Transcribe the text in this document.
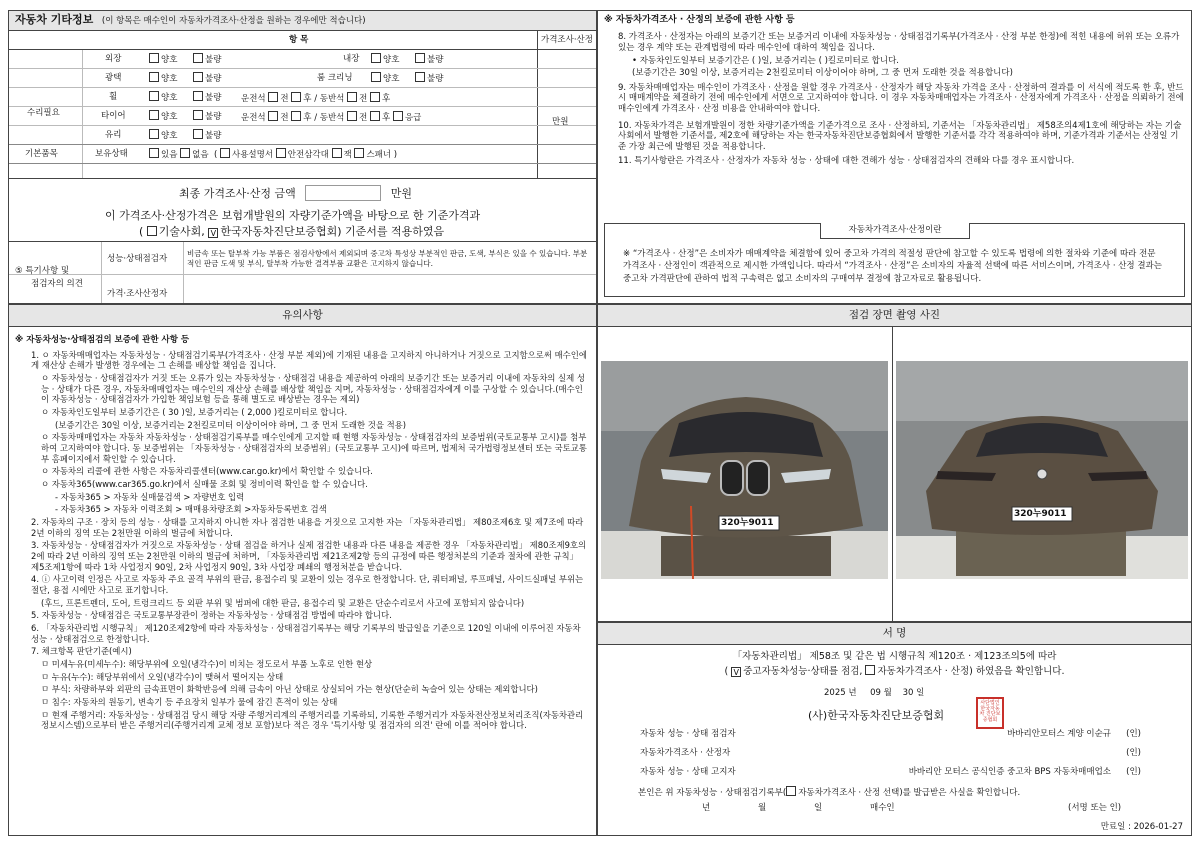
자동차 기타정보 (이 항목은 매수인이 자동차가격조사·산정을 원하는 경우에만 적습니다)
항 목	가격조사·산정
수리필요
만원
외장	양호	불량	내장	양호	불량
광택	양호	불량	룸 크리닝	양호	불량
휠	양호	불량 운전석 전 후 / 동반석 전 후
타이어	양호	불량 운전석 전 후 / 동반석 전 후 응급
유리	양호	불량
기본품목	보유상태	있음 없음  ( 사용설명서 안전삼각대 잭 스패너 )
최종 가격조사·산정 금액	만원
이 가격조사·산정가격은 보험개발원의 자량기준가액을 바탕으로 한 기준가격과
( 기술사회, V 한국자동차진단보증협회) 기준서를 적용하였음
⑤ 특기사항 및
점검자의 의견
성능·상태점검자
비금속 또는 탈부착 가능 부품은 점검사항에서 제외되며 중고차 특성상 부분적인 판금, 도색, 부식은 있을 수 있습니다. 부분적인 판금 도색 및 부식, 탈부착 가능한 결격부품 교환은 고지하지 않습니다.
가격·조사산정자
※ 자동차가격조사 · 산정의 보증에 관한 사항 등
8. 가격조사 · 산정자는 아래의 보증기간 또는 보증거리 이내에 자동차성능 · 상태점검기록부(가격조사 · 산정 부분 한정)에 적힌 내용에 허위 또는 오류가 있는 경우 계약 또는 관계법령에 따라 매수인에 대하여 책임을 집니다.
• 자동차인도일부터 보증기간은 ( )일, 보증거리는 ( )킬로미터로 합니다.
(보증기간은 30일 이상, 보증거리는 2천킬로미터 이상이어야 하며, 그 중 먼저 도래한 것을 적용합니다)
9. 자동차매매업자는 매수인이 가격조사 · 산정을 원할 경우 가격조사 · 산정자가 해당 자동차 가격을 조사 · 산정하여 결과를 이 서식에 적도록 한 후, 반드시 매매계약을 체결하기 전에 매수인에게 서면으로 고지하여야 합니다. 이 경우 자동차매매업자는 가격조사 · 산정자에게 가격조사 · 산정을 의뢰하기 전에 매수인에게 가격조사 · 산정 비용을 안내하여야 합니다.
10. 자동차가격은 보험개발원이 정한 차량기준가액을 기준가격으로 조사 · 산정하되, 기준서는 「자동차관리법」 제58조의4제1호에 해당하는 자는 기술사회에서 발행한 기준서를, 제2호에 해당하는 자는 한국자동차진단보증협회에서 발행한 기준서를 각각 적용하여야 하며, 기준가격과 기준서는 산정일 기준 가장 최근에 발행된 것을 적용합니다.
11. 특기사항란은 가격조사 · 산정자가 자동차 성능 · 상태에 대한 견해가 성능 · 상태점검자의 견해와 다를 경우 표시합니다.
자동차가격조사·산정이란
※ “가격조사 · 산정”은 소비자가 매매계약을 체결함에 있어 중고차 가격의 적절성 판단에 참고할 수 있도록 법령에 의한 절차와 기준에 따라 전문 가격조사 · 산정인이 객관적으로 제시한 가액입니다. 따라서 “가격조사 · 산정”은 소비자의 자율적 선택에 따른 서비스이며, 가격조사 · 산정 결과는 중고차 가격판단에 관하여 법적 구속력은 없고 소비자의 구매여부 결정에 참고자료로 활용됩니다.
유의사항
※ 자동차성능·상태점검의 보증에 관한 사항 등
1. ㅇ 자동차매매업자는 자동차성능 · 상태점검기록부(가격조사 · 산정 부분 제외)에 기재된 내용을 고지하지 아니하거나 거짓으로 고지함으로써 매수인에게 재산상 손해가 발생한 경우에는 그 손해를 배상할 책임을 집니다.
ㅇ 자동차성능 · 상태점검자가 거짓 또는 오류가 있는 자동차성능 · 상태점검 내용을 제공하여 아래의 보증기간 또는 보증거리 이내에 자동차의 실제 성능 · 상태가 다른 경우, 자동차매매업자는 매수인의 재산상 손해를 배상할 책임을 지며, 자동차성능 · 상태점검자에게 이를 구상할 수 있습니다.(매수인이 자동차성능 · 상태점검자가 가입한 책임보험 등을 통해 별도로 배상받는 경우는 제외)
ㅇ 자동차인도일부터 보증기간은 ( 30 )일, 보증거리는 ( 2,000 )킬로미터로 합니다.
(보증기간은 30일 이상, 보증거리는 2천킬로미터 이상이어야 하며, 그 중 먼저 도래한 것을 적용)
ㅇ 자동차매매업자는 자동차 자동차성능 · 상태점검기록부를 매수인에게 고지할 때 현행 자동차성능 · 상태점검자의 보증범위(국토교통부 고시)를 첨부하여 고지하여야 합니다. 동 보증범위는 「자동차성능 · 상태점검자의 보증범위」(국토교통부 고시)에 따르며, 법제처 국가법령정보센터 또는 국토교통부 홈페이지에서 확인할 수 있습니다.
ㅇ 자동차의 리콜에 관한 사항은 자동차리콜센터(www.car.go.kr)에서 확인할 수 있습니다.
ㅇ 자동차365(www.car365.go.kr)에서 실매물 조회 및 정비이력 확인을 할 수 있습니다.
- 자동차365 > 자동차 실매물검색 > 자량번호 입력
- 자동차365 > 자동차 이력조회 > 매매용차량조회 >자동차등록번호 검색
2. 자동차의 구조 · 장치 등의 성능 · 상태를 고지하지 아니한 자나 점검한 내용을 거짓으로 고지한 자는 「자동차관리법」 제80조제6호 및 제7조에 따라 2년 이하의 징역 또는 2천만원 이하의 벌금에 처합니다.
3. 자동차성능 · 상태점검자가 거짓으로 자동차성능 · 상태 점검을 하거나 실제 점검한 내용과 다른 내용을 제공한 경우 「자동차관리법」 제80조제9호의2에 따라 2년 이하의 징역 또는 2천만원 이하의 벌금에 처하며, 「자동차관리법 제21조제2항 등의 규정에 따른 행정처분의 기준과 절차에 관한 규칙」 제5조제1항에 따라 1차 사업정지 90일, 2차 사업정지 90일, 3차 사업장 폐쇄의 행정처분을 받습니다.
4. ⓘ 사고이력 인정은 사고로 자동차 주요 골격 부위의 판금, 용접수리 및 교환이 있는 경우로 한정합니다. 단, 쿼터패널, 루프패널, 사이드실패널 부위는 절단, 용접 시에만 사고로 표기합니다.
(후드, 프론트펜더, 도어, 트렁크리드 등 외판 부위 및 범퍼에 대한 판금, 용접수리 및 교환은 단순수리로서 사고에 포함되지 않습니다)
5. 자동차성능 · 상태점검은 국토교통부장관이 정하는 자동차성능 · 상태점검 방법에 따라야 합니다.
6. 「자동차관리법 시행규칙」 제120조제2항에 따라 자동차성능 · 상태점검기록부는 해당 기록부의 발급일을 기준으로 120일 이내에 이루어진 자동차 성능 · 상태점검으로 한정합니다.
7. 체크항목 판단기준(예시)
ㅁ 미세누유(미세누수): 해당부위에 오일(냉각수)이 비치는 정도로서 부품 노후로 인한 현상
ㅁ 누유(누수): 해당부위에서 오일(냉각수)이 맺혀서 떨어지는 상태
ㅁ 부식: 차량하부와 외판의 금속표면이 화학반응에 의해 금속이 아닌 상태로 상실되어 가는 현상(단순히 녹슬어 있는 상태는 제외합니다)
ㅁ 침수: 자동차의 원동기, 변속기 등 주요장치 일부가 물에 잠긴 흔적이 있는 상태
ㅁ 현재 주행거리: 자동차성능 · 상태점검 당시 해당 자량 주행거리계의 주행거리를 기록하되, 기록한 주행거리가 자동차전산정보처리조직(자동차관리정보시스템)으로부터 받은 주행거리(주행거리계 교체 정보 포함)보다 적은 경우 '특기사항 및 점검자의 의견' 란에 이를 적어야 합니다.
점검 장면 촬영 사진
320누9011
320누9011
서 명
「자동차관리법」 제58조 및 같은 법 시행규칙 제120조 · 제123조의5에 따라
( V 중고자동차성능·상태를 점검, 자동차가격조사 · 산정) 하였음을 확인합니다.
2025 년 09 월 30 일
(사)한국자동차진단보증협회
사단법인 한국자동차 진단보증협회
자동차 성능 · 상태 점검자	바바리안모터스 계양 이순규 (인)
자동차가격조사 · 산정자	(인)
자동차 성능 · 상태 고지자	바바리안 모터스 공식인증 중고차 BPS 자동차매매업소 (인)
본인은 위 자동차성능 · 상태점검기록부( 자동차가격조사 · 산정 선택)를 발급받은 사실을 확인합니다.
년	월	일	매수인	(서명 또는 인)
만료일 : 2026-01-27
